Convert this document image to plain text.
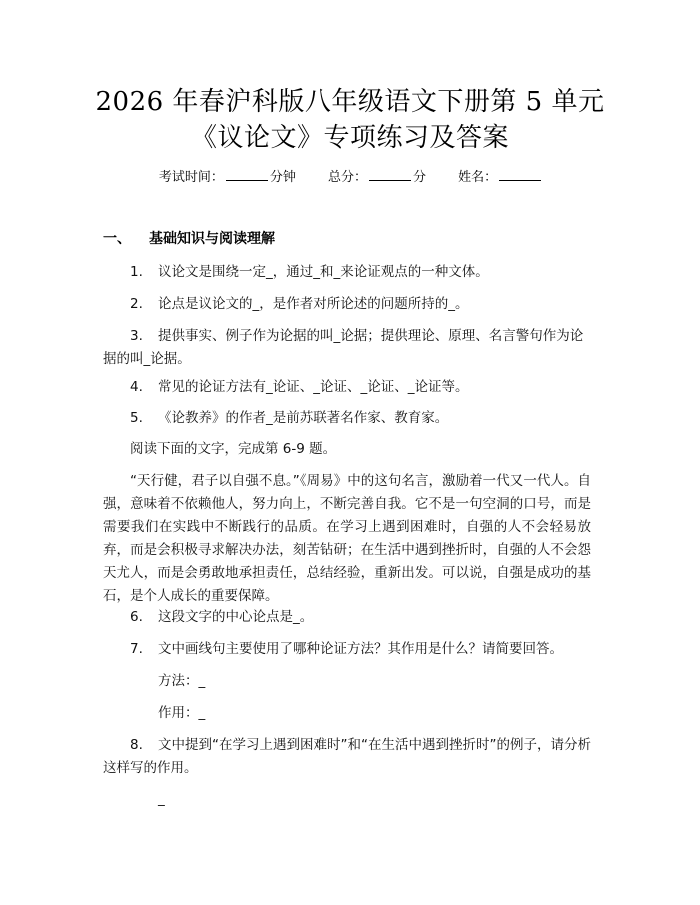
2026 年春沪科版八年级语文下册第 5 单元
《议论文》专项练习及答案
考试时间：	分钟 总分：	分 姓名：
一、 基础知识与阅读理解
1. 议论文是围绕一定_，通过_和_来论证观点的一种文体。
2. 论点是议论文的_，是作者对所论述的问题所持的_。
3. 提供事实、例子作为论据的叫_论据；提供理论、原理、名言警句作为论据的叫_论据。
4. 常见的论证方法有_论证、_论证、_论证、_论证等。
5. 《论教养》的作者_是前苏联著名作家、教育家。
阅读下面的文字，完成第 6-9 题。
“天行健，君子以自强不息。”《周易》中的这句名言，激励着一代又一代人。自强，意味着不依赖他人，努力向上，不断完善自我。它不是一句空洞的口号，而是需要我们在实践中不断践行的品质。在学习上遇到困难时，自强的人不会轻易放弃，而是会积极寻求解决办法，刻苦钻研；在生活中遇到挫折时，自强的人不会怨天尤人，而是会勇敢地承担责任，总结经验，重新出发。可以说，自强是成功的基石，是个人成长的重要保障。
6. 这段文字的中心论点是_。
7. 文中画线句主要使用了哪种论证方法？其作用是什么？请简要回答。
方法：_
作用：_
8. 文中提到“在学习上遇到困难时”和“在生活中遇到挫折时”的例子，请分析这样写的作用。
_
